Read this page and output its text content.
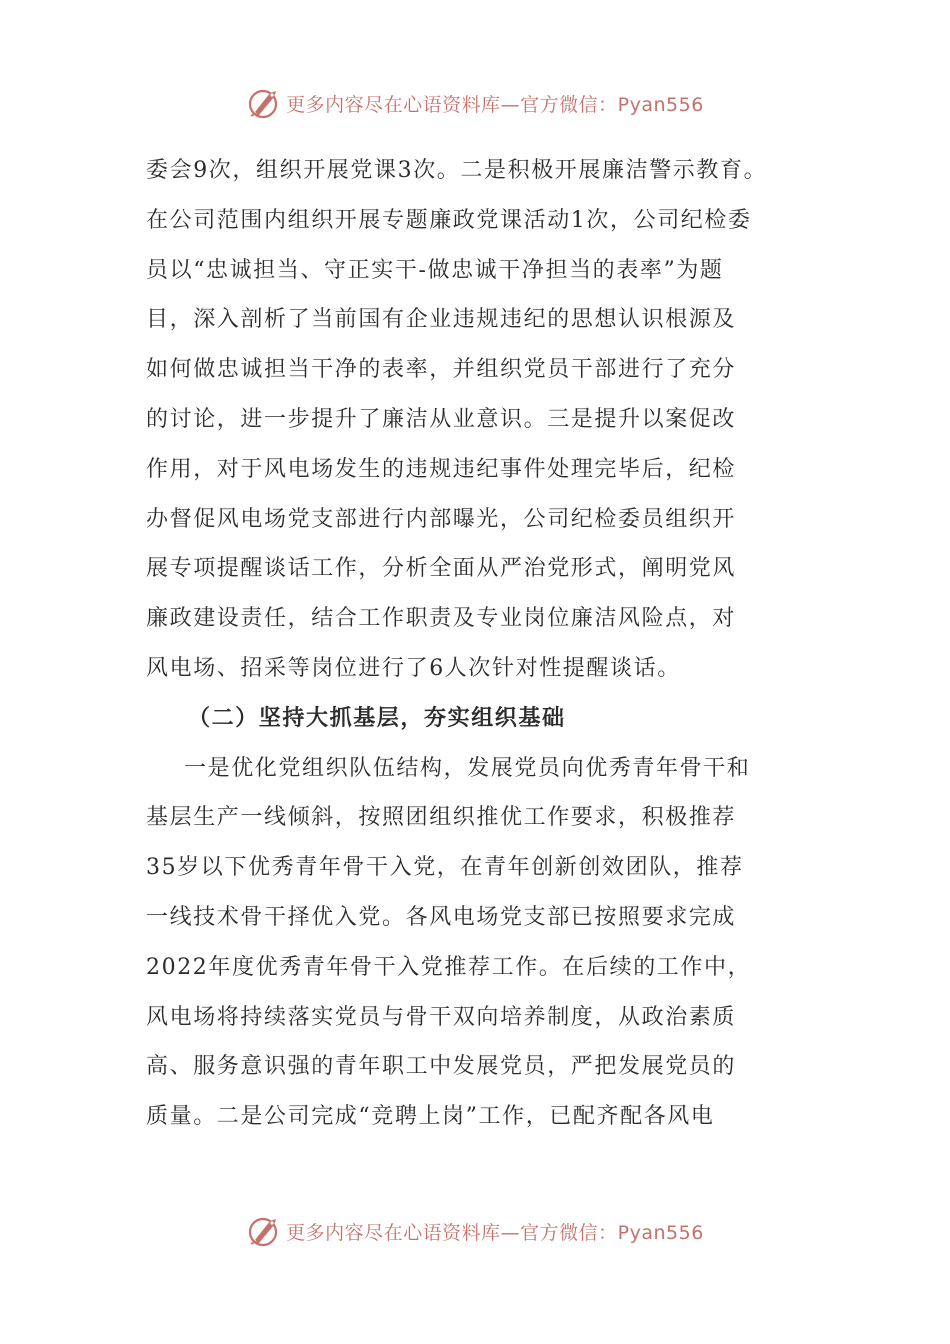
更多内容尽在心语资料库—官方微信：Pyan556
委会9次，组织开展党课3次。二是积极开展廉洁警示教育。
在公司范围内组织开展专题廉政党课活动1次，公司纪检委
员以“忠诚担当、守正实干-做忠诚干净担当的表率”为题
目，深入剖析了当前国有企业违规违纪的思想认识根源及
如何做忠诚担当干净的表率，并组织党员干部进行了充分
的讨论，进一步提升了廉洁从业意识。三是提升以案促改
作用，对于风电场发生的违规违纪事件处理完毕后，纪检
办督促风电场党支部进行内部曝光，公司纪检委员组织开
展专项提醒谈话工作，分析全面从严治党形式，阐明党风
廉政建设责任，结合工作职责及专业岗位廉洁风险点，对
风电场、招采等岗位进行了6人次针对性提醒谈话。
（二）坚持大抓基层，夯实组织基础
一是优化党组织队伍结构，发展党员向优秀青年骨干和
基层生产一线倾斜，按照团组织推优工作要求，积极推荐
35岁以下优秀青年骨干入党，在青年创新创效团队，推荐
一线技术骨干择优入党。各风电场党支部已按照要求完成
2022年度优秀青年骨干入党推荐工作。在后续的工作中，
风电场将持续落实党员与骨干双向培养制度，从政治素质
高、服务意识强的青年职工中发展党员，严把发展党员的
质量。二是公司完成“竞聘上岗”工作，已配齐配各风电
更多内容尽在心语资料库—官方微信：Pyan556
